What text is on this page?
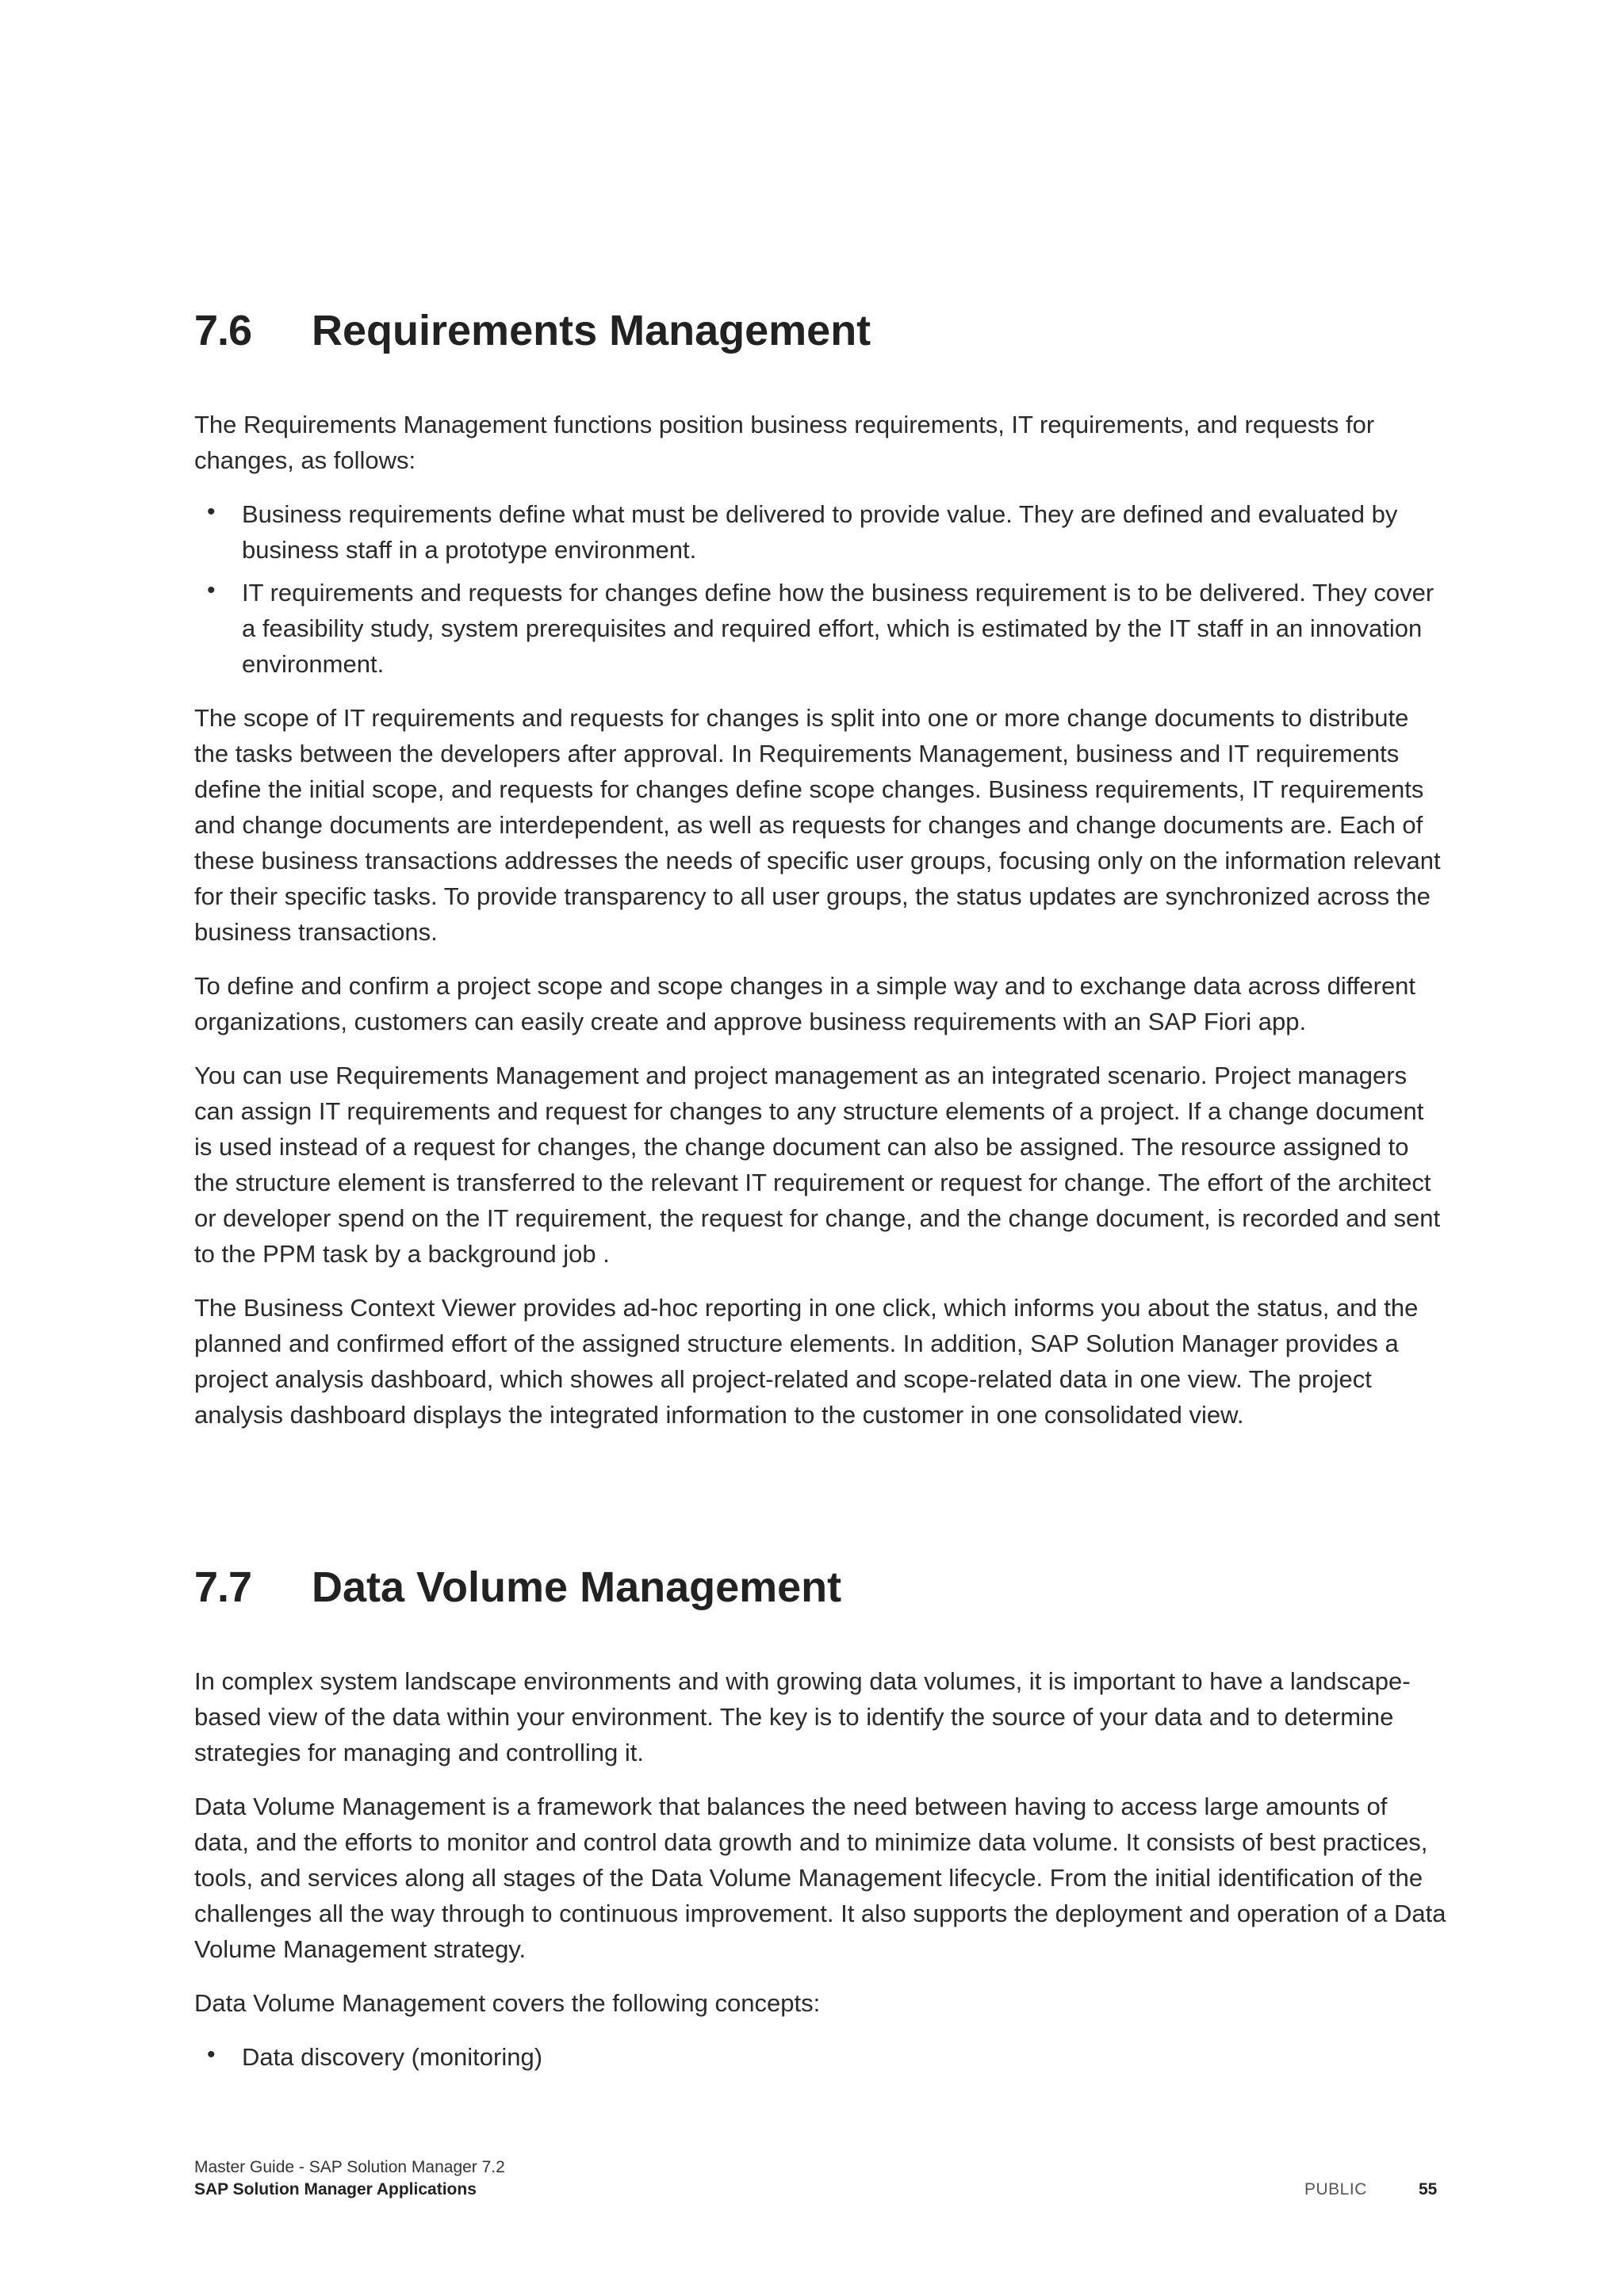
7.6	Requirements Management

The Requirements Management functions position business requirements, IT requirements, and requests for changes, as follows:

• Business requirements define what must be delivered to provide value. They are defined and evaluated by business staff in a prototype environment.
• IT requirements and requests for changes define how the business requirement is to be delivered. They cover a feasibility study, system prerequisites and required effort, which is estimated by the IT staff in an innovation environment.

The scope of IT requirements and requests for changes is split into one or more change documents to distribute the tasks between the developers after approval. In Requirements Management, business and IT requirements define the initial scope, and requests for changes define scope changes. Business requirements, IT requirements and change documents are interdependent, as well as requests for changes and change documents are. Each of these business transactions addresses the needs of specific user groups, focusing only on the information relevant for their specific tasks. To provide transparency to all user groups, the status updates are synchronized across the business transactions.

To define and confirm a project scope and scope changes in a simple way and to exchange data across different organizations, customers can easily create and approve business requirements with an SAP Fiori app.

You can use Requirements Management and project management as an integrated scenario. Project managers can assign IT requirements and request for changes to any structure elements of a project. If a change document is used instead of a request for changes, the change document can also be assigned. The resource assigned to the structure element is transferred to the relevant IT requirement or request for change. The effort of the architect or developer spend on the IT requirement, the request for change, and the change document, is recorded and sent to the PPM task by a background job .

The Business Context Viewer provides ad-hoc reporting in one click, which informs you about the status, and the planned and confirmed effort of the assigned structure elements. In addition, SAP Solution Manager provides a project analysis dashboard, which showes all project-related and scope-related data in one view. The project analysis dashboard displays the integrated information to the customer in one consolidated view.

7.7	Data Volume Management

In complex system landscape environments and with growing data volumes, it is important to have a landscape-based view of the data within your environment. The key is to identify the source of your data and to determine strategies for managing and controlling it.

Data Volume Management is a framework that balances the need between having to access large amounts of data, and the efforts to monitor and control data growth and to minimize data volume. It consists of best practices, tools, and services along all stages of the Data Volume Management lifecycle. From the initial identification of the challenges all the way through to continuous improvement. It also supports the deployment and operation of a Data Volume Management strategy.

Data Volume Management covers the following concepts:

• Data discovery (monitoring)
Master Guide - SAP Solution Manager 7.2
SAP Solution Manager Applications	PUBLIC	55
